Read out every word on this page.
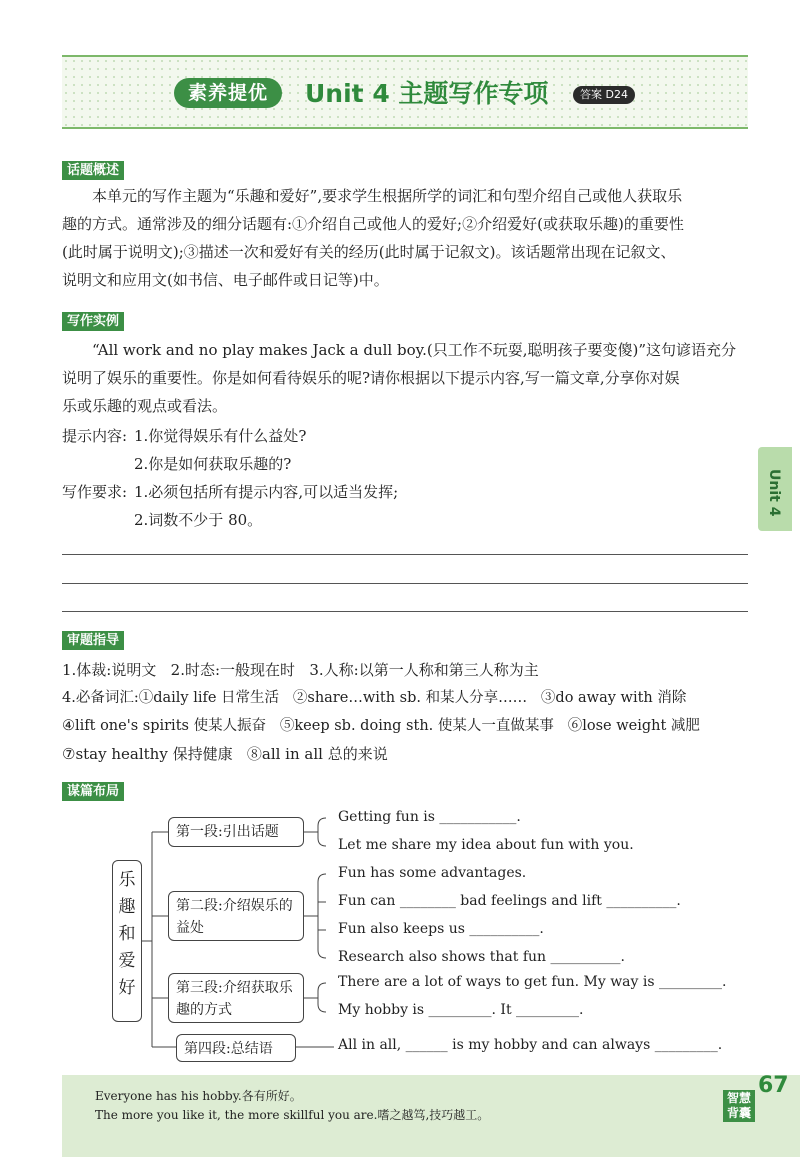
素养提优	Unit 4 主题写作专项	答案 D24
Unit 4
话题概述
本单元的写作主题为“乐趣和爱好”,要求学生根据所学的词汇和句型介绍自己或他人获取乐
趣的方式。通常涉及的细分话题有:①介绍自己或他人的爱好;②介绍爱好(或获取乐趣)的重要性
(此时属于说明文);③描述一次和爱好有关的经历(此时属于记叙文)。该话题常出现在记叙文、
说明文和应用文(如书信、电子邮件或日记等)中。
写作实例
“All work and no play makes Jack a dull boy.(只工作不玩耍,聪明孩子要变傻)”这句谚语充分
说明了娱乐的重要性。你是如何看待娱乐的呢?请你根据以下提示内容,写一篇文章,分享你对娱
乐或乐趣的观点或看法。
提示内容: 1.你觉得娱乐有什么益处?
2.你是如何获取乐趣的?
写作要求: 1.必须包括所有提示内容,可以适当发挥;
2.词数不少于 80。
审题指导
1.体裁:说明文   2.时态:一般现在时   3.人称:以第一人称和第三人称为主
4.必备词汇:①daily life 日常生活   ②share…with sb. 和某人分享……   ③do away with 消除
④lift one's spirits 使某人振奋   ⑤keep sb. doing sth. 使某人一直做某事   ⑥lose weight 减肥
⑦stay healthy 保持健康   ⑧all in all 总的来说
谋篇布局
乐
趣
和
爱
好
第一段:引出话题
第二段:介绍娱乐的益处
第三段:介绍获取乐趣的方式
第四段:总结语
Getting fun is ___________.
Let me share my idea about fun with you.
Fun has some advantages.
Fun can ________ bad feelings and lift __________.
Fun also keeps us __________.
Research also shows that fun __________.
There are a lot of ways to get fun. My way is _________.
My hobby is _________. It _________.
All in all, ______ is my hobby and can always _________.
Everyone has his hobby.各有所好。
The more you like it, the more skillful you are.嗜之越笃,技巧越工。
智慧背囊
67
